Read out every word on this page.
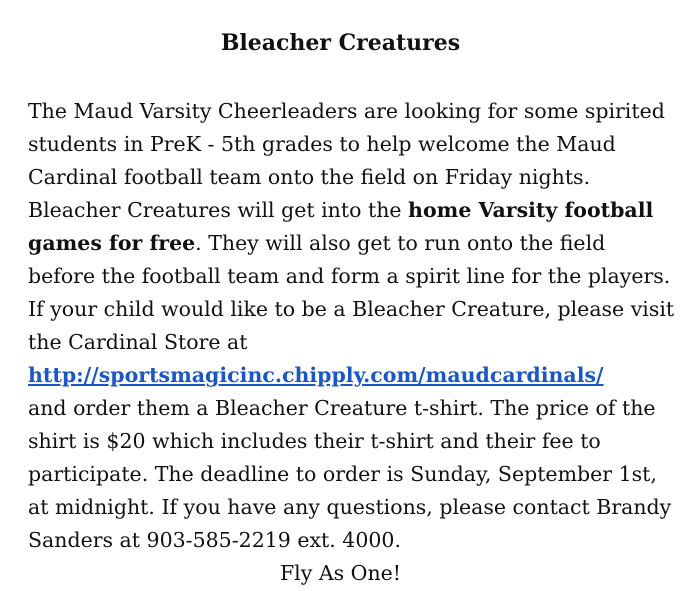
Bleacher Creatures
The Maud Varsity Cheerleaders are looking for some spirited
students in PreK - 5th grades to help welcome the Maud
Cardinal football team onto the field on Friday nights.
Bleacher Creatures will get into the home Varsity football
games for free. They will also get to run onto the field
before the football team and form a spirit line for the players.
If your child would like to be a Bleacher Creature, please visit
the Cardinal Store at
http://sportsmagicinc.chipply.com/maudcardinals/
and order them a Bleacher Creature t-shirt. The price of the
shirt is $20 which includes their t-shirt and their fee to
participate. The deadline to order is Sunday, September 1st,
at midnight. If you have any questions, please contact Brandy
Sanders at 903-585-2219 ext. 4000.
Fly As One!
